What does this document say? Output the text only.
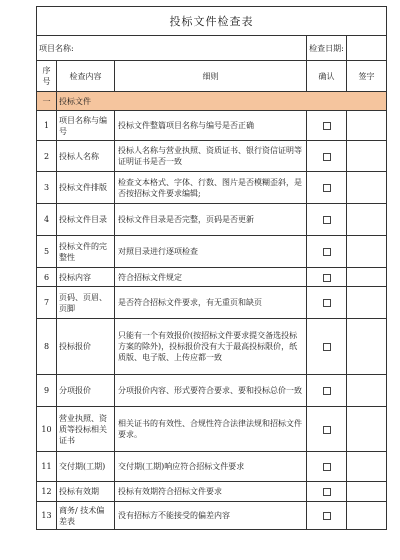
投标文件检查表				
项目名称:			检查日期:	
序号	检查内容	细则	确认	签字
一	投标文件			
1	项目名称与编号	投标文件整篇项目名称与编号是否正确		
2	投标人名称	投标人名称与营业执照、资质证书、银行资信证明等证明证书是否一致		
3	投标文件排版	检查文本格式、字体、行数、图片是否模糊歪斜，是否按招标文件要求编辑;		
4	投标文件目录	投标文件目录是否完整，页码是否更新		
5	投标文件的完整性	对照目录进行逐项检查		
6	投标内容	符合招标文件规定		
7	页码、页眉、页脚	是否符合招标文件要求，有无重页和缺页		
8	投标报价	只能有一个有效报价(按招标文件要求提交备选投标方案的除外)，投标报价没有大于最高投标限价，纸质版、电子版、上传应都一致		
9	分项报价	分项报价内容、形式要符合要求、要和投标总价一致		
10	营业执照、资质等投标相关证书	相关证书的有效性、合规性符合法律法规和招标文件要求。		
11	交付期(工期)	交付期(工期)响应符合招标文件要求		
12	投标有效期	投标有效期符合招标文件要求		
13	商务/ 技术偏差表	没有招标方不能接受的偏差内容		
